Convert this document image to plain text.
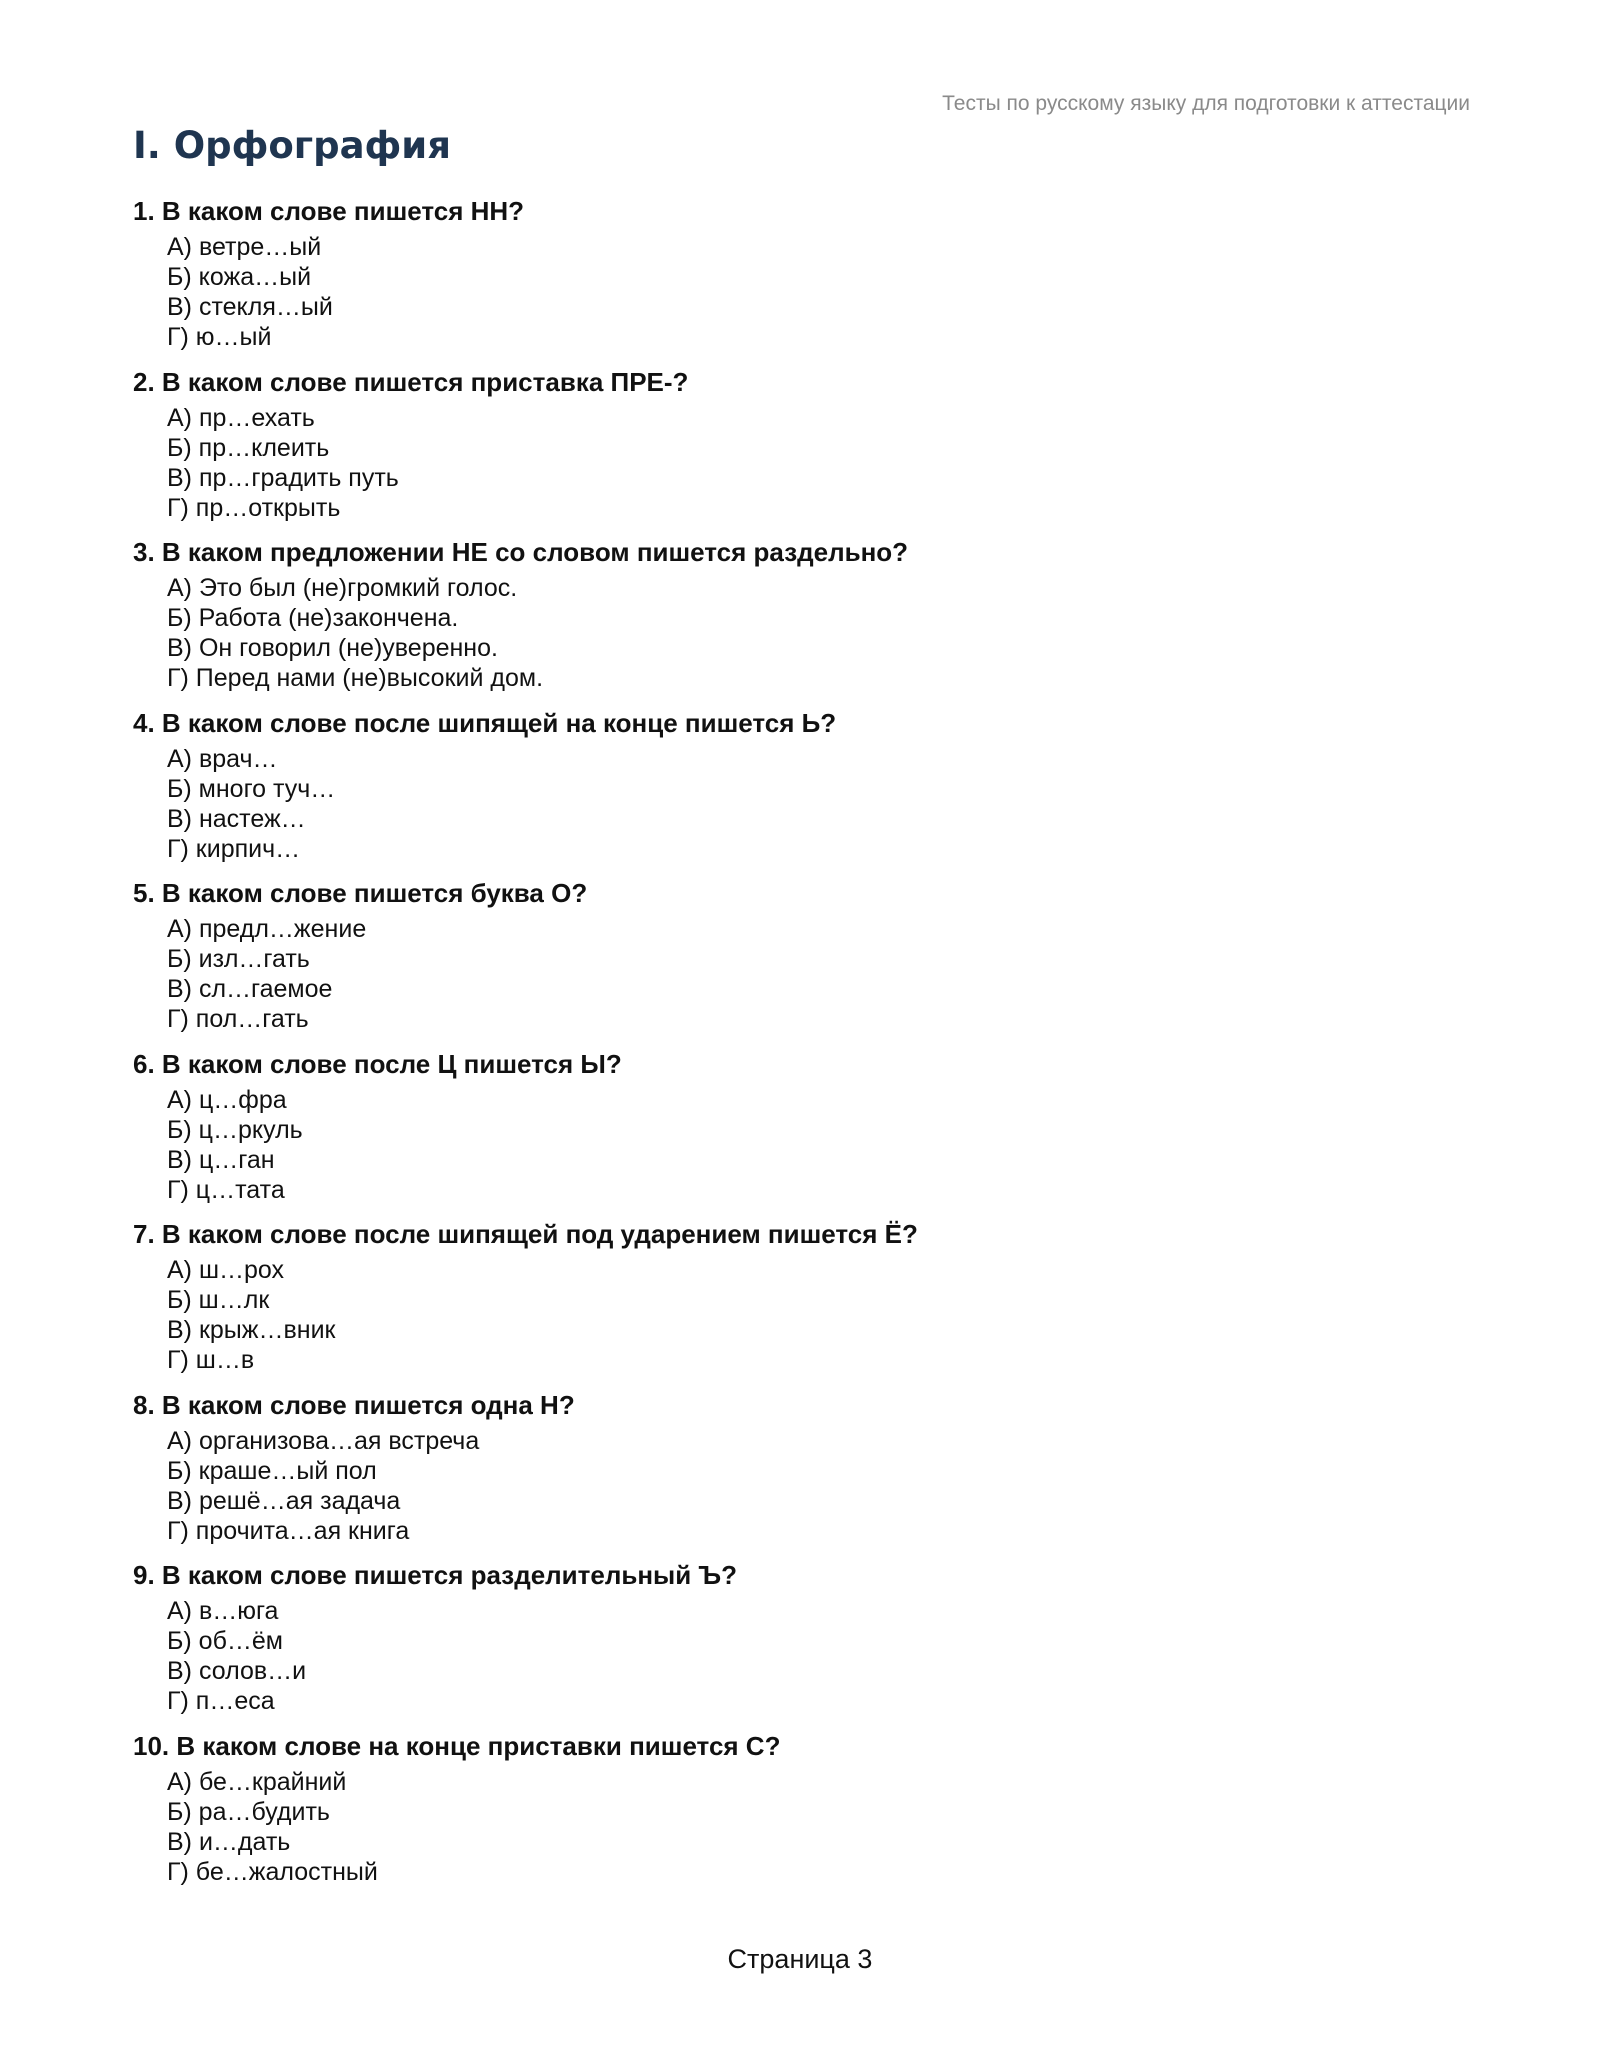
Тесты по русскому языку для подготовки к аттестации
I. Орфография
1. В каком слове пишется НН?
А) ветре…ый
Б) кожа…ый
В) стекля…ый
Г) ю…ый
2. В каком слове пишется приставка ПРЕ-?
А) пр…ехать
Б) пр…клеить
В) пр…градить путь
Г) пр…открыть
3. В каком предложении НЕ со словом пишется раздельно?
А) Это был (не)громкий голос.
Б) Работа (не)закончена.
В) Он говорил (не)уверенно.
Г) Перед нами (не)высокий дом.
4. В каком слове после шипящей на конце пишется Ь?
А) врач…
Б) много туч…
В) настеж…
Г) кирпич…
5. В каком слове пишется буква О?
А) предл…жение
Б) изл…гать
В) сл…гаемое
Г) пол…гать
6. В каком слове после Ц пишется Ы?
А) ц…фра
Б) ц…ркуль
В) ц…ган
Г) ц…тата
7. В каком слове после шипящей под ударением пишется Ё?
А) ш…рох
Б) ш…лк
В) крыж…вник
Г) ш…в
8. В каком слове пишется одна Н?
А) организова…ая встреча
Б) краше…ый пол
В) решё…ая задача
Г) прочита…ая книга
9. В каком слове пишется разделительный Ъ?
А) в…юга
Б) об…ём
В) солов…и
Г) п…еса
10. В каком слове на конце приставки пишется С?
А) бе…крайний
Б) ра…будить
В) и…дать
Г) бе…жалостный
Страница 3
